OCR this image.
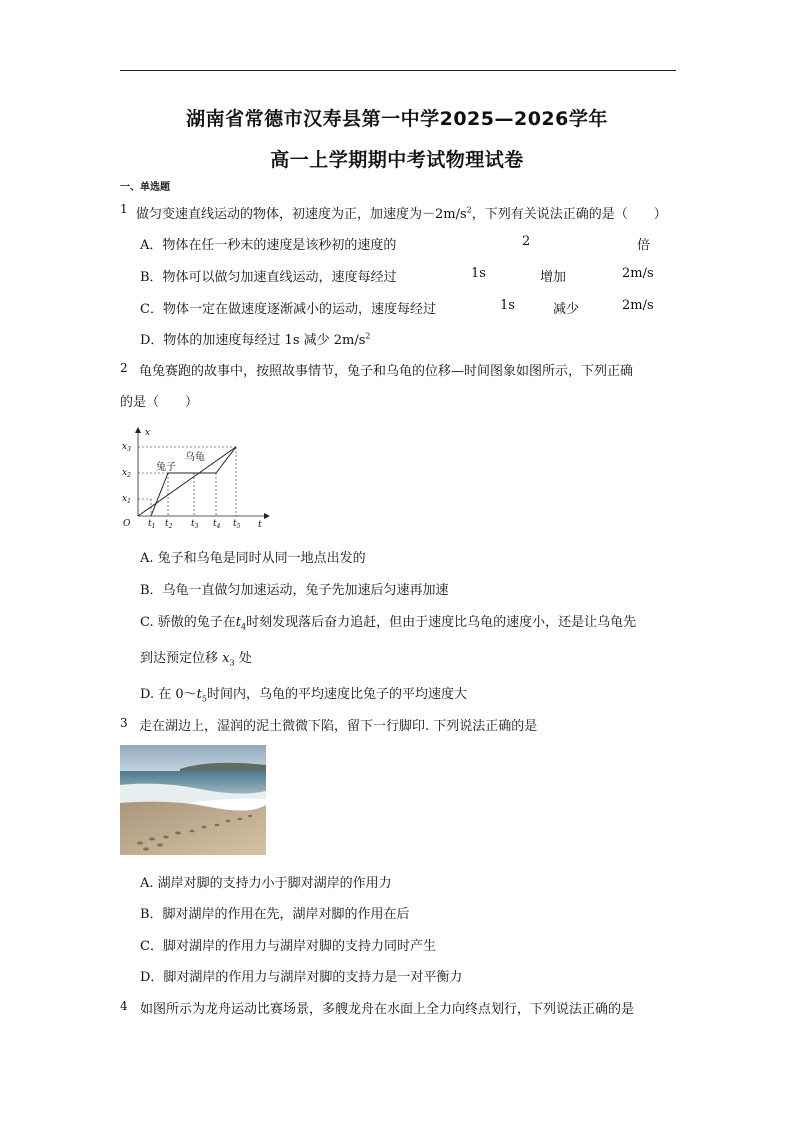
湖南省常德市汉寿县第一中学2025—2026学年
高一上学期期中考试物理试卷
一、单选题
1 做匀变速直线运动的物体，初速度为正，加速度为$-2m/s^2$，下列有关说法正确的是（　　）
A．物体在任一秒末的速度是该秒初的速度的	2	倍
B．物体可以做匀加速直线运动，速度每经过	1s	增加	2m/s
C．物体一定在做速度逐渐减小的运动，速度每经过	1s	减少	2m/s
D．物体的加速度每经过 1s 减少 $2m/s^2$
2 龟兔赛跑的故事中，按照故事情节，兔子和乌龟的位移—时间图象如图所示，下列正确
的是（　　）
x
t
O
$x_3$
$x_2$
$x_1$
$t_1$ $t_2$ $t_3$ $t_4$ $t_5$
乌龟
兔子
A. 兔子和乌龟是同时从同一地点出发的
B．乌龟一直做匀加速运动，兔子先加速后匀速再加速
C. 骄傲的兔子在$t_4$时刻发现落后奋力追赶，但由于速度比乌龟的速度小，还是让乌龟先
到达预定位移 $x_3$ 处
D. 在 $0\sim t_5$时间内，乌龟的平均速度比兔子的平均速度大
3 走在湖边上，湿润的泥土微微下陷，留下一行脚印. 下列说法正确的是
A. 湖岸对脚的支持力小于脚对湖岸的作用力
B．脚对湖岸的作用在先，湖岸对脚的作用在后
C．脚对湖岸的作用力与湖岸对脚的支持力同时产生
D．脚对湖岸的作用力与湖岸对脚的支持力是一对平衡力
4 如图所示为龙舟运动比赛场景，多艘龙舟在水面上全力向终点划行，下列说法正确的是
